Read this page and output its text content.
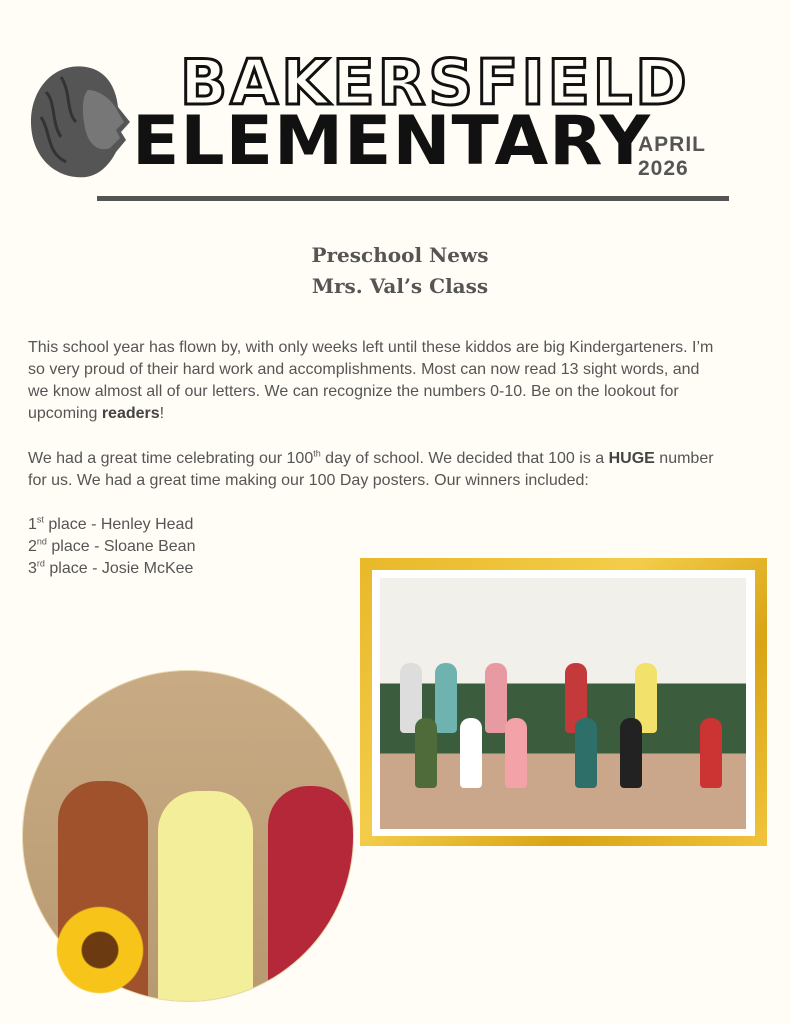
BAKERSFIELD
ELEMENTARY
APRIL
2026
Preschool News
Mrs. Val’s Class
This school year has flown by, with only weeks left until these kiddos are big Kindergarteners. I’m
so very proud of their hard work and accomplishments. Most can now read 13 sight words, and
we know almost all of our letters. We can recognize the numbers 0-10. Be on the lookout for
upcoming readers!
We had a great time celebrating our 100th day of school. We decided that 100 is a HUGE number
for us. We had a great time making our 100 Day posters. Our winners included:
1st place - Henley Head
2nd place - Sloane Bean
3rd place - Josie McKee
